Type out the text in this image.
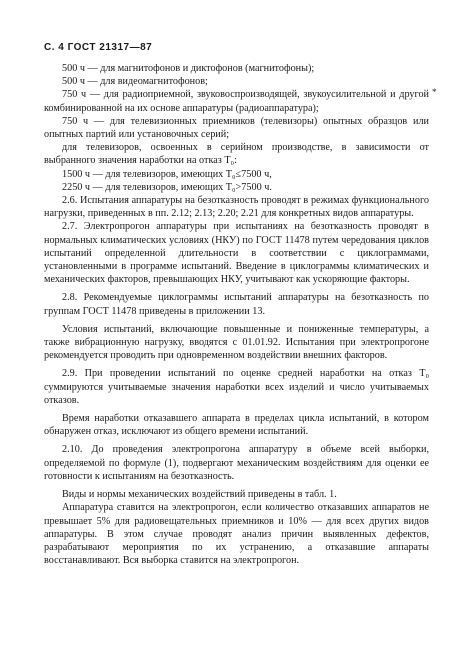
С. 4 ГОСТ 21317—87
*

500 ч — для магнитофонов и диктофонов (магнитофоны);

500 ч — для видеомагнитофонов;

750 ч — для радиоприемной, звуковоспроизводящей, звукоусилительной и другой комбинированной на их основе аппаратуры (радиоаппаратура);

750 ч — для телевизионных приемников (телевизоры) опытных образцов или опытных партий или установочных серий;

для телевизоров, освоенных в серийном производстве, в зависимости от выбранного значения наработки на отказ Т₀:

1500 ч — для телевизоров, имеющих Т₀≤7500 ч,

2250 ч — для телевизоров, имеющих Т₀>7500 ч.

2.6. Испытания аппаратуры на безотказность проводят в режимах функционального нагрузки, приведенных в пп. 2.12; 2.13; 2.20; 2.21 для конкретных видов аппаратуры.

2.7. Электропрогон аппаратуры при испытаниях на безотказность проводят в нормальных климатических условиях (НКУ) по ГОСТ 11478 путем чередования циклов испытаний определенной длительности в соответствии с циклограммами, установленными в программе испытаний. Введение в циклограммы климатических и механических факторов, превышающих НКУ, учитывают как ускоряющие факторы.

2.8. Рекомендуемые циклограммы испытаний аппаратуры на безотказность по группам ГОСТ 11478 приведены в приложении 13.

Условия испытаний, включающие повышенные и пониженные температуры, а также вибрационную нагрузку, вводятся с 01.01.92. Испытания при электропрогоне рекомендуется проводить при одновременном воздействии внешних факторов.

2.9. При проведении испытаний по оценке средней наработки на отказ Т₀ суммируются учитываемые значения наработки всех изделий и число учитываемых отказов.

Время наработки отказавшего аппарата в пределах цикла испытаний, в котором обнаружен отказ, исключают из общего времени испытаний.

2.10. До проведения электропрогона аппаратуру в объеме всей выборки, определяемой по формуле (1), подвергают механическим воздействиям для оценки ее готовности к испытаниям на безотказность.

Виды и нормы механических воздействий приведены в табл. 1.

Аппаратура ставится на электропрогон, если количество отказавших аппаратов не превышает 5% для радиовещательных приемников и 10% — для всех других видов аппаратуры. В этом случае проводят анализ причин выявленных дефектов, разрабатывают мероприятия по их устранению, а отказавшие аппараты восстанавливают. Вся выборка ставится на электропрогон.
